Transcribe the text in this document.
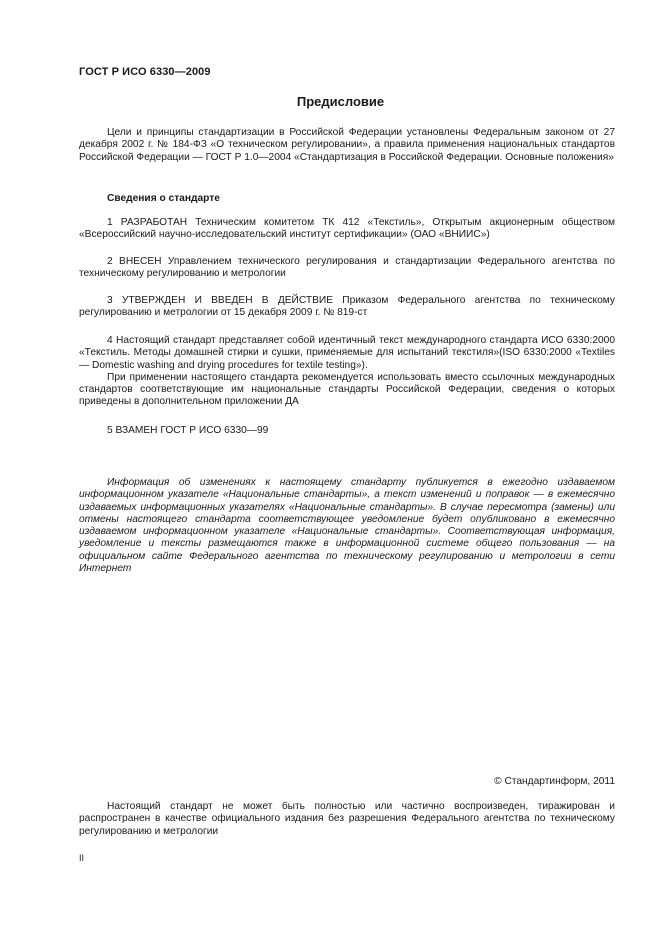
ГОСТ Р ИСО 6330—2009
Предисловие

Цели и принципы стандартизации в Российской Федерации установлены Федеральным законом от 27 декабря 2002 г. № 184-ФЗ «О техническом регулировании», а правила применения национальных стандартов Российской Федерации — ГОСТ Р 1.0—2004 «Стандартизация в Российской Федерации. Основные положения»

Сведения о стандарте

1 РАЗРАБОТАН Техническим комитетом ТК 412 «Текстиль», Открытым акционерным обществом «Всероссийский научно-исследовательский институт сертификации» (ОАО «ВНИИС»)

2 ВНЕСЕН Управлением технического регулирования и стандартизации Федерального агентства по техническому регулированию и метрологии

3 УТВЕРЖДЕН И ВВЕДЕН В ДЕЙСТВИЕ Приказом Федерального агентства по техническому регулированию и метрологии от 15 декабря 2009 г. № 819-ст

4 Настоящий стандарт представляет собой идентичный текст международного стандарта ИСО 6330:2000 «Текстиль. Методы домашней стирки и сушки, применяемые для испытаний текстиля»(ISO 6330:2000 «Textiles — Domestic washing and drying procedures for textile testing»).

При применении настоящего стандарта рекомендуется использовать вместо ссылочных международных стандартов соответствующие им национальные стандарты Российской Федерации, сведения о которых приведены в дополнительном приложении ДА

5 ВЗАМЕН ГОСТ Р ИСО 6330—99

Информация об изменениях к настоящему стандарту публикуется в ежегодно издаваемом информационном указателе «Национальные стандарты», а текст изменений и поправок — в ежемесячно издаваемых информационных указателях «Национальные стандарты». В случае пересмотра (замены) или отмены настоящего стандарта соответствующее уведомление будет опубликовано в ежемесячно издаваемом информационном указателе «Национальные стандарты». Соответствующая информация, уведомление и тексты размещаются также в информационной системе общего пользования — на официальном сайте Федерального агентства по техническому регулированию и метрологии в сети Интернет

© Стандартинформ, 2011

Настоящий стандарт не может быть полностью или частично воспроизведен, тиражирован и распространен в качестве официального издания без разрешения Федерального агентства по техническому регулированию и метрологии

II
